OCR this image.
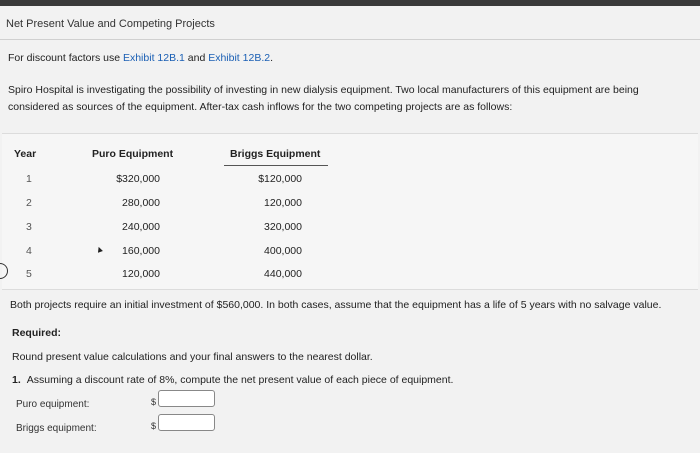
Net Present Value and Competing Projects
For discount factors use Exhibit 12B.1 and Exhibit 12B.2.
Spiro Hospital is investigating the possibility of investing in new dialysis equipment. Two local manufacturers of this equipment are being considered as sources of the equipment. After-tax cash inflows for the two competing projects are as follows:
Year	Puro Equipment	Briggs Equipment
1	$320,000	$120,000
2	280,000	120,000
3	240,000	320,000
4	160,000	400,000
5	120,000	440,000
▲
Both projects require an initial investment of $560,000. In both cases, assume that the equipment has a life of 5 years with no salvage value.
Required:
Round present value calculations and your final answers to the nearest dollar.
1. Assuming a discount rate of 8%, compute the net present value of each piece of equipment.
Puro equipment:	$
Briggs equipment:	$
